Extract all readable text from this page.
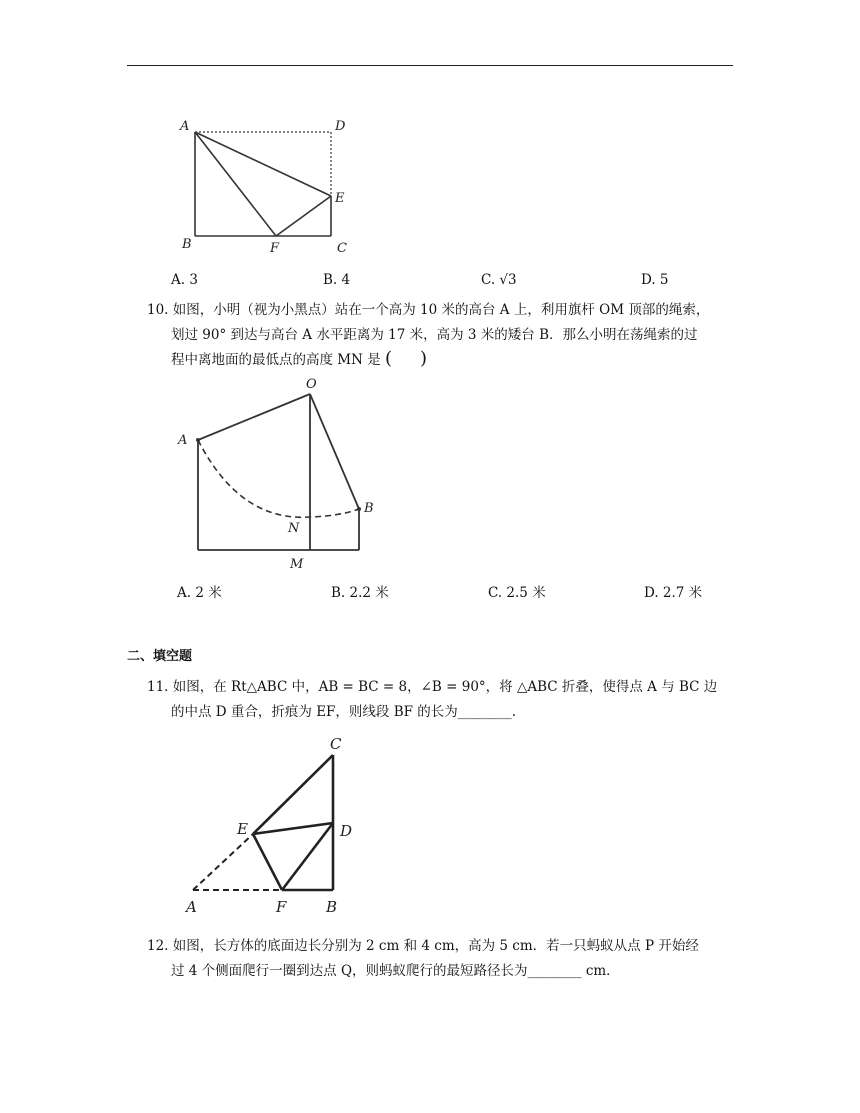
A	D
E
B	F	C
A. 3	B. 4	C. √3	D. 5
10. 如图，小明（视为小黑点）站在一个高为 10 米的高台 A 上，利用旗杆 OM 顶部的绳索，
划过 90° 到达与高台 A 水平距离为 17 米，高为 3 米的矮台 B．那么小明在荡绳索的过
程中离地面的最低点的高度 MN 是 ( )
O
A
B
N
M
A. 2 米	B. 2.2 米	C. 2.5 米	D. 2.7 米
二、填空题
11. 如图，在 Rt△ABC 中，AB = BC = 8，∠B = 90°，将 △ABC 折叠，使得点 A 与 BC 边
的中点 D 重合，折痕为 EF，则线段 BF 的长为________.
C
E	D
A	F	B
12. 如图，长方体的底面边长分别为 2 cm 和 4 cm，高为 5 cm．若一只蚂蚁从点 P 开始经
过 4 个侧面爬行一圈到达点 Q，则蚂蚁爬行的最短路径长为________ cm．
